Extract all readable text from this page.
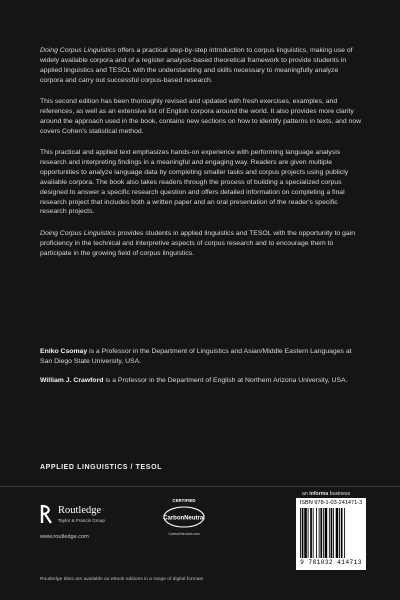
Doing Corpus Linguistics offers a practical step-by-step introduction to corpus linguistics, making use of widely available corpora and of a register analysis-based theoretical framework to provide students in applied linguistics and TESOL with the understanding and skills necessary to meaningfully analyze corpora and carry out successful corpus-based research.

This second edition has been thoroughly revised and updated with fresh exercises, examples, and references, as well as an extensive list of English corpora around the world. It also provides more clarity around the approach used in the book, contains new sections on how to identify patterns in texts, and now covers Cohen's statistical method.

This practical and applied text emphasizes hands-on experience with performing language analysis research and interpreting findings in a meaningful and engaging way. Readers are given multiple opportunities to analyze language data by completing smaller tasks and corpus projects using publicly available corpora. The book also takes readers through the process of building a specialized corpus designed to answer a specific research question and offers detailed information on completing a final research project that includes both a written paper and an oral presentation of the reader's specific research projects.

Doing Corpus Linguistics provides students in applied linguistics and TESOL with the opportunity to gain proficiency in the technical and interpretive aspects of corpus research and to encourage them to participate in the growing field of corpus linguistics.

Eniko Csomay is a Professor in the Department of Linguistics and Asian/Middle Eastern Languages at San Diego State University, USA.

William J. Crawford is a Professor in the Department of English at Northern Arizona University, USA.

APPLIED LINGUISTICS / TESOL
Routledge
Taylor & Francis Group
www.routledge.com
CERTIFIED
CarbonNeutral
CarbonNeutral.com
an informa business
ISBN 978-1-03-241471-3
9 781032 414713
Routledge titles are available as eBook editions in a range of digital formats
